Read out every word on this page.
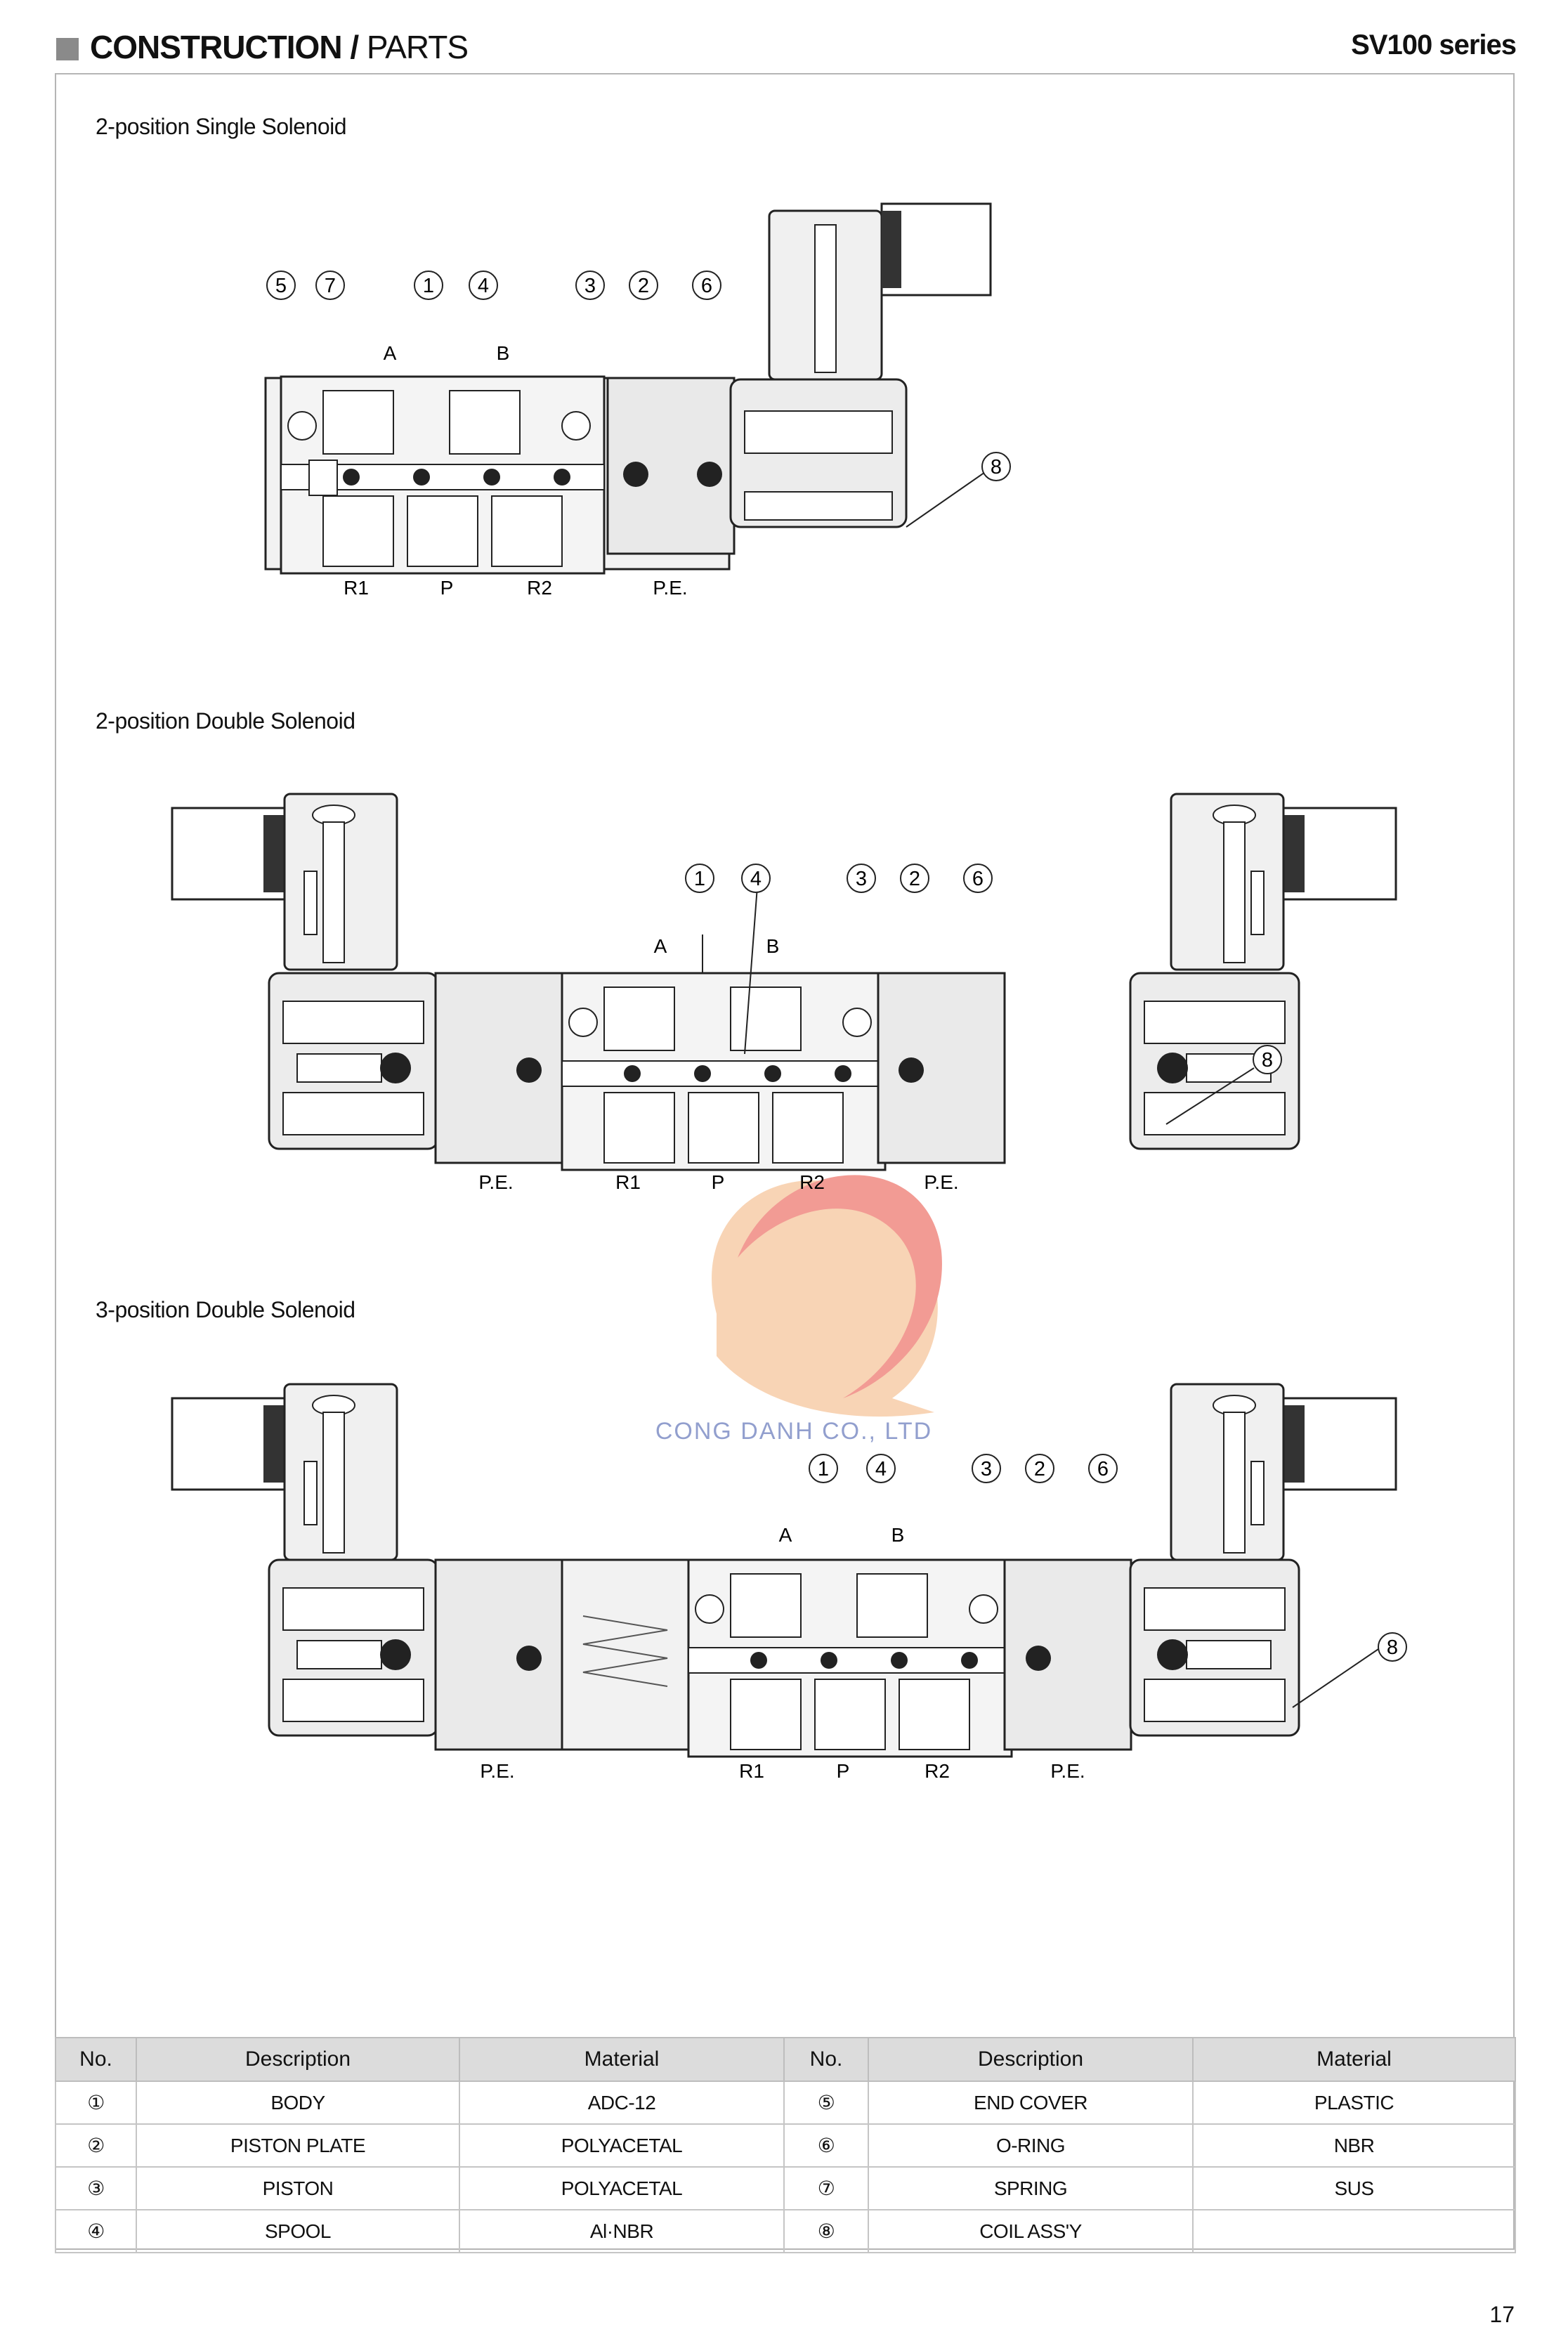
CONSTRUCTION / PARTS	SV100 series
2-position Single Solenoid
2-position Double Solenoid
3-position Double Solenoid
CONG DANH CO., LTD
5 7	1 4	3 2	6
8
A	B
R1	P	R2	P.E.
1 4	3 2	6
8
A	B
P.E.	R1	P	R2	P.E.
1 4	3 2	6
8
A	B
P.E.	R1	P	R2	P.E.
No.	Description	Material	No.	Description	Material
①	BODY	ADC-12	⑤	END COVER	PLASTIC
②	PISTON PLATE	POLYACETAL	⑥	O-RING	NBR
③	PISTON	POLYACETAL	⑦	SPRING	SUS
④	SPOOL	Al·NBR	⑧	COIL ASS'Y	
17
